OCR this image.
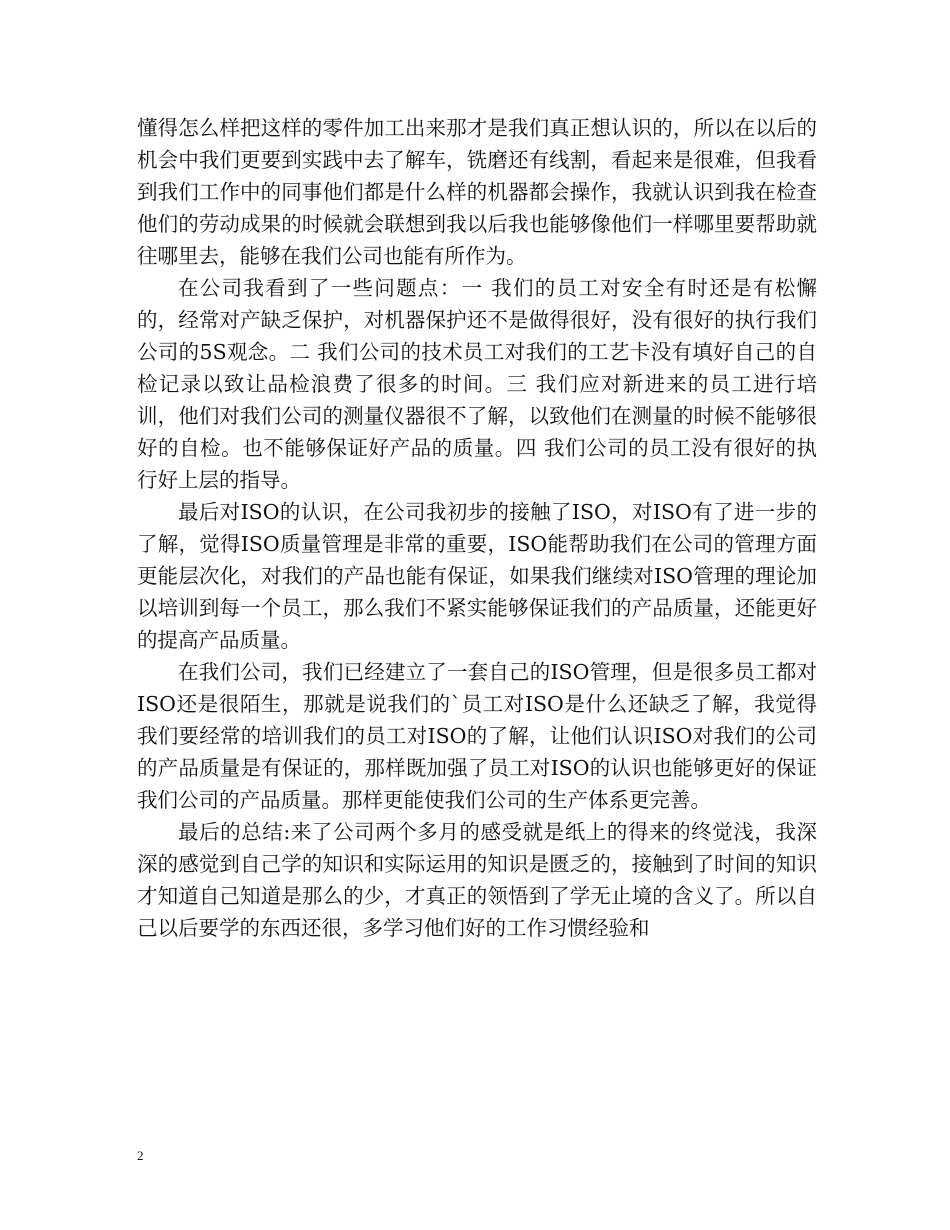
懂得怎么样把这样的零件加工出来那才是我们真正想认识的，所以在以后的机会中我们更要到实践中去了解车，铣磨还有线割，看起来是很难，但我看到我们工作中的同事他们都是什么样的机器都会操作，我就认识到我在检查他们的劳动成果的时候就会联想到我以后我也能够像他们一样哪里要帮助就往哪里去，能够在我们公司也能有所作为。

在公司我看到了一些问题点：一 我们的员工对安全有时还是有松懈的，经常对产缺乏保护，对机器保护还不是做得很好，没有很好的执行我们公司的5S观念。二 我们公司的技术员工对我们的工艺卡没有填好自己的自检记录以致让品检浪费了很多的时间。三 我们应对新进来的员工进行培训，他们对我们公司的测量仪器很不了解，以致他们在测量的时候不能够很好的自检。也不能够保证好产品的质量。四 我们公司的员工没有很好的执行好上层的指导。

最后对ISO的认识，在公司我初步的接触了ISO，对ISO有了进一步的了解，觉得ISO质量管理是非常的重要，ISO能帮助我们在公司的管理方面更能层次化，对我们的产品也能有保证，如果我们继续对ISO管理的理论加以培训到每一个员工，那么我们不紧实能够保证我们的产品质量，还能更好的提高产品质量。

在我们公司，我们已经建立了一套自己的ISO管理，但是很多员工都对ISO还是很陌生，那就是说我们的`员工对ISO是什么还缺乏了解，我觉得我们要经常的培训我们的员工对ISO的了解，让他们认识ISO对我们的公司的产品质量是有保证的，那样既加强了员工对ISO的认识也能够更好的保证我们公司的产品质量。那样更能使我们公司的生产体系更完善。

最后的总结:来了公司两个多月的感受就是纸上的得来的终觉浅，我深深的感觉到自己学的知识和实际运用的知识是匮乏的，接触到了时间的知识才知道自己知道是那么的少，才真正的领悟到了学无止境的含义了。所以自己以后要学的东西还很，多学习他们好的工作习惯经验和

2
